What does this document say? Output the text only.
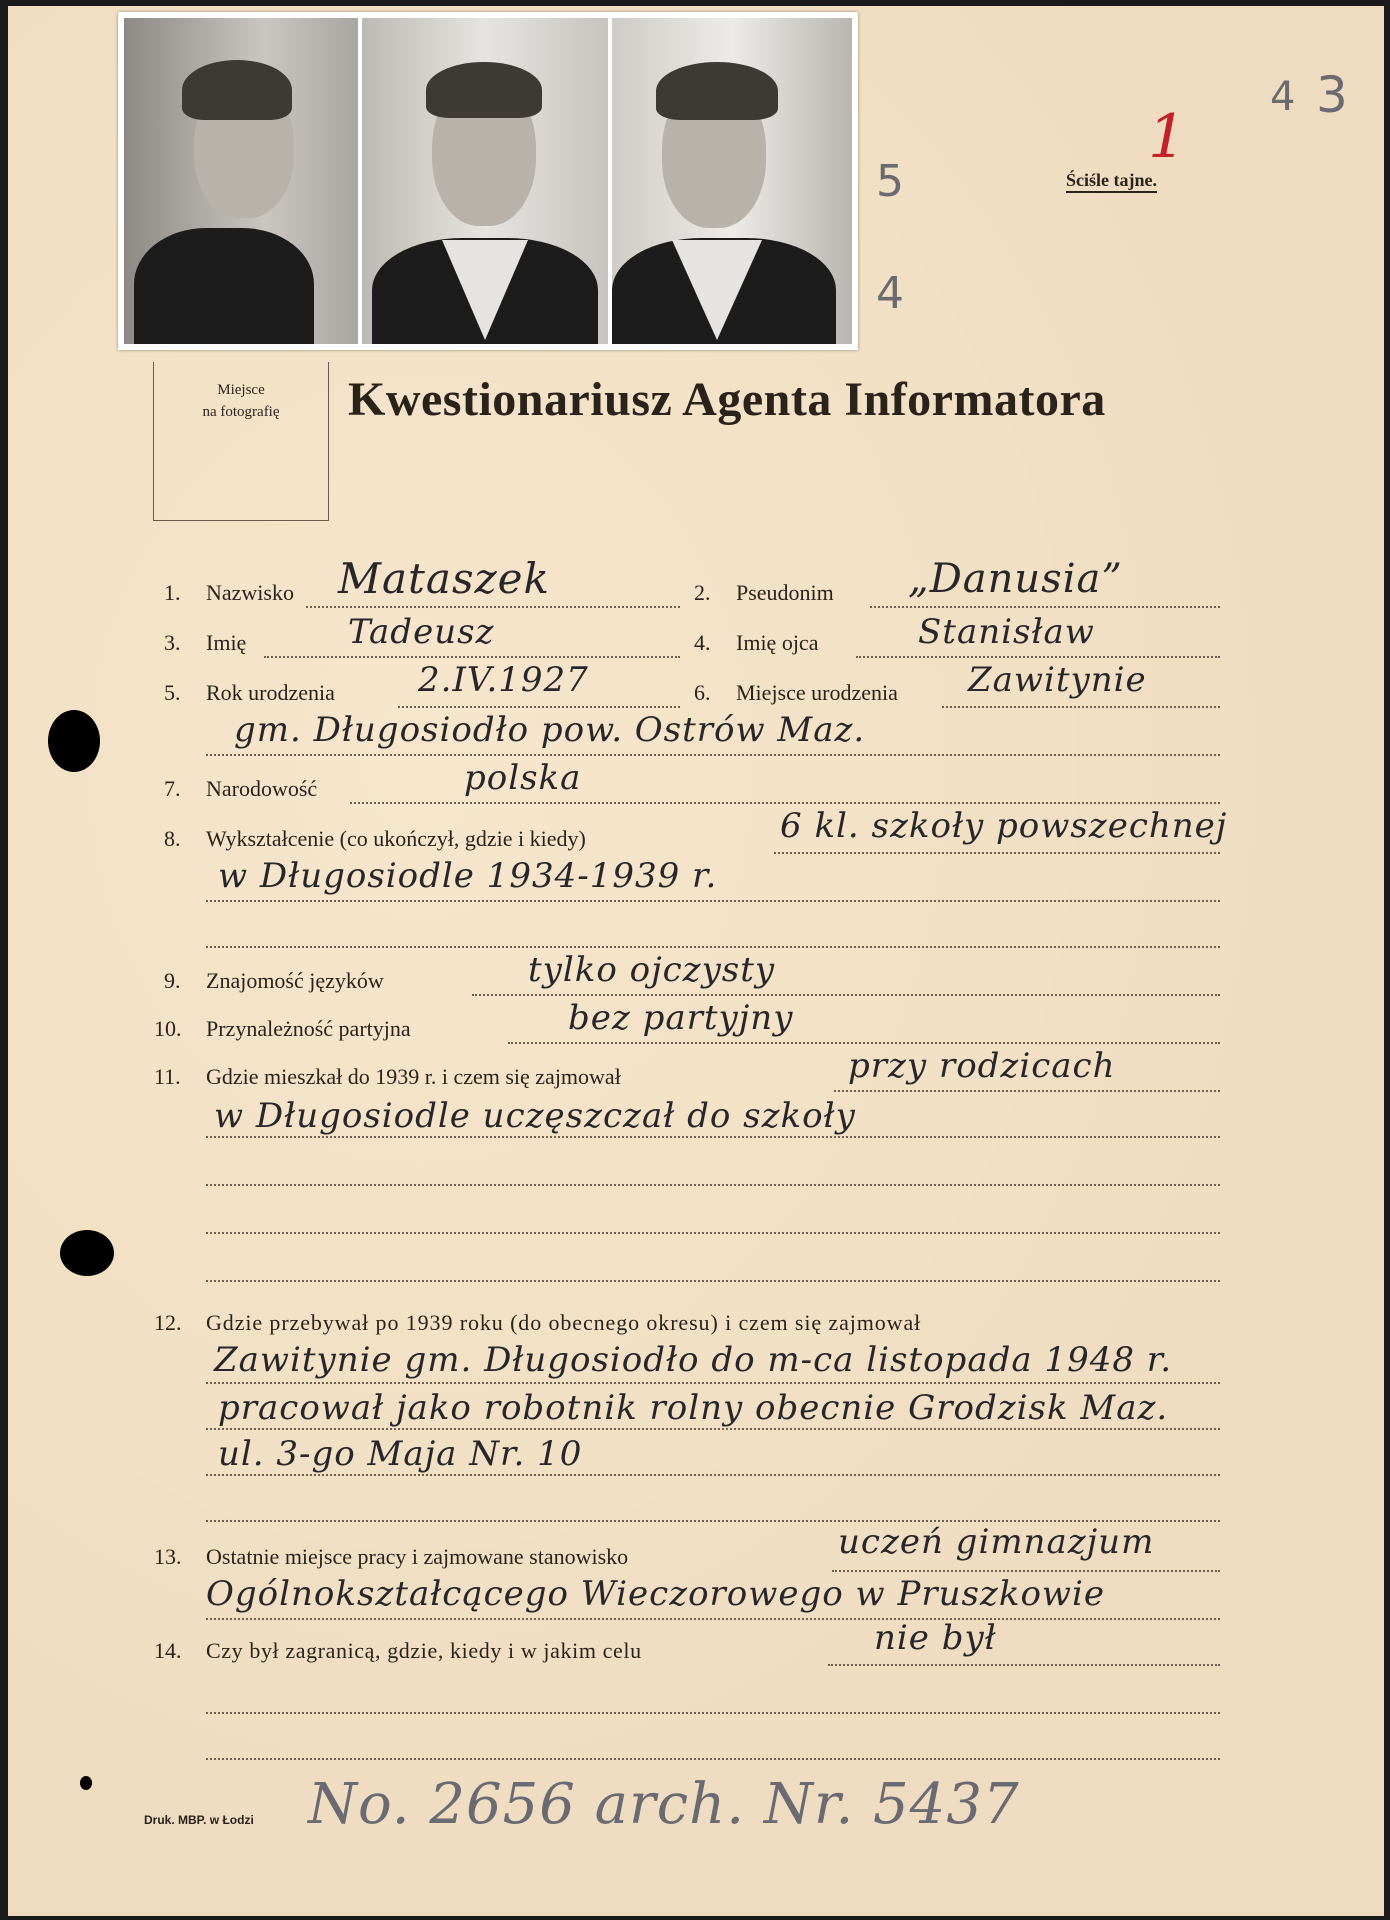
Miejsce
na fotografię	Kwestionariusz Agenta Informatora
Ściśle tajne.
1
5
4
4 3
1. Nazwisko Mataszek	2. Pseudonim „Danusia”
3. Imię	Tadeusz	4. Imię ojca	Stanisław
5. Rok urodzenia 2.IV.1927	6. Miejsce urodzenia Zawitynie
gm. Długosiodło pow. Ostrów Maz.
7. Narodowość	polska
8. Wykształcenie (co ukończył, gdzie i kiedy)	6 kl. szkoły powszechnej
w Długosiodle 1934-1939 r.
9. Znajomość języków	tylko ojczysty
10. Przynależność partyjna	bez partyjny
11. Gdzie mieszkał do 1939 r. i czem się zajmował	przy rodzicach
w Długosiodle uczęszczał do szkoły
12. Gdzie przebywał po 1939 roku (do obecnego okresu) i czem się zajmował
Zawitynie gm. Długosiodło do m-ca listopada 1948 r.
pracował jako robotnik rolny obecnie Grodzisk Maz.
ul. 3-go Maja Nr. 10
13. Ostatnie miejsce pracy i zajmowane stanowisko	uczeń gimnazjum
Ogólnokształcącego Wieczorowego w Pruszkowie
14. Czy był zagranicą, gdzie, kiedy i w jakim celu	nie był
No. 2656 arch. Nr. 5437
Druk. MBP. w Łodzi
